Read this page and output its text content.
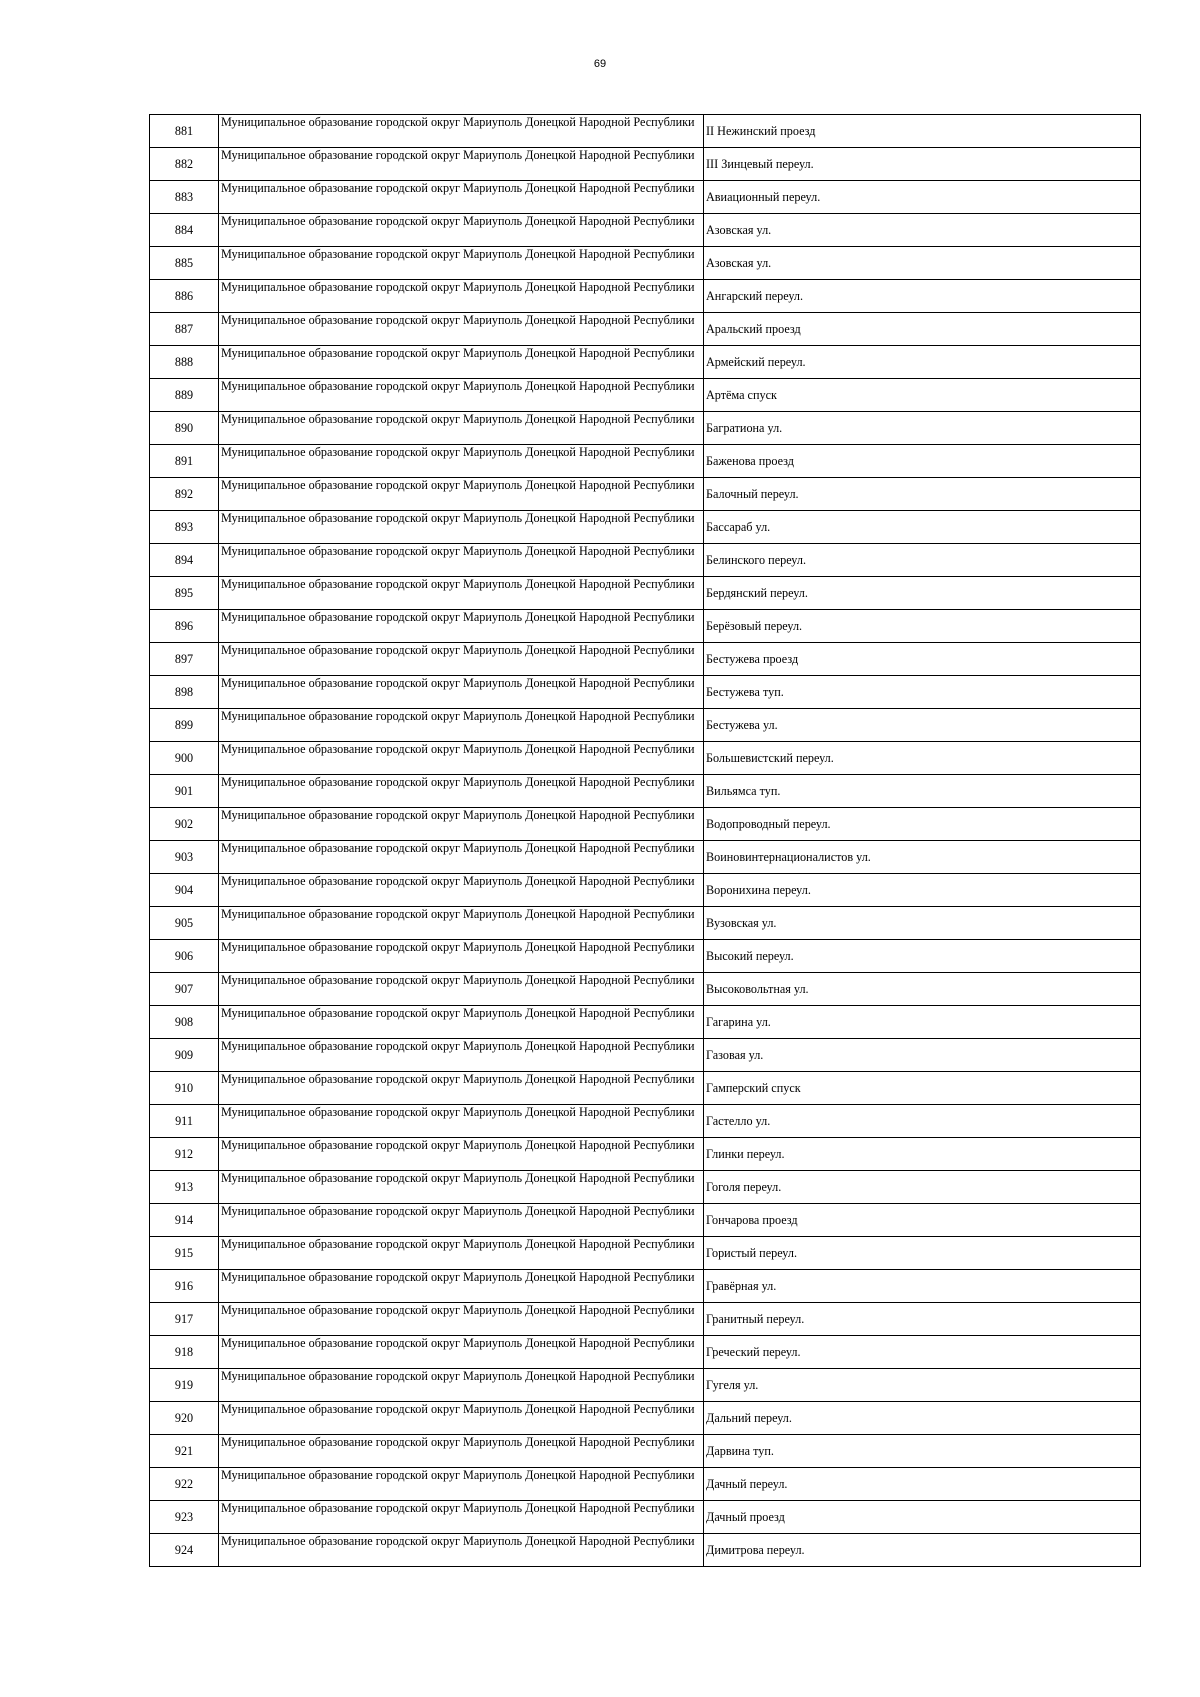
69
881	Муниципальное образование городской округ Мариуполь Донецкой Народной Республики	II Нежинский проезд
882	Муниципальное образование городской округ Мариуполь Донецкой Народной Республики	III Зинцевый переул.
883	Муниципальное образование городской округ Мариуполь Донецкой Народной Республики	Авиационный переул.
884	Муниципальное образование городской округ Мариуполь Донецкой Народной Республики	Азовская ул.
885	Муниципальное образование городской округ Мариуполь Донецкой Народной Республики	Азовская ул.
886	Муниципальное образование городской округ Мариуполь Донецкой Народной Республики	Ангарский переул.
887	Муниципальное образование городской округ Мариуполь Донецкой Народной Республики	Аральский проезд
888	Муниципальное образование городской округ Мариуполь Донецкой Народной Республики	Армейский переул.
889	Муниципальное образование городской округ Мариуполь Донецкой Народной Республики	Артёма спуск
890	Муниципальное образование городской округ Мариуполь Донецкой Народной Республики	Багратиона ул.
891	Муниципальное образование городской округ Мариуполь Донецкой Народной Республики	Баженова проезд
892	Муниципальное образование городской округ Мариуполь Донецкой Народной Республики	Балочный переул.
893	Муниципальное образование городской округ Мариуполь Донецкой Народной Республики	Бассараб ул.
894	Муниципальное образование городской округ Мариуполь Донецкой Народной Республики	Белинского переул.
895	Муниципальное образование городской округ Мариуполь Донецкой Народной Республики	Бердянский переул.
896	Муниципальное образование городской округ Мариуполь Донецкой Народной Республики	Берёзовый переул.
897	Муниципальное образование городской округ Мариуполь Донецкой Народной Республики	Бестужева проезд
898	Муниципальное образование городской округ Мариуполь Донецкой Народной Республики	Бестужева туп.
899	Муниципальное образование городской округ Мариуполь Донецкой Народной Республики	Бестужева ул.
900	Муниципальное образование городской округ Мариуполь Донецкой Народной Республики	Большевистский переул.
901	Муниципальное образование городской округ Мариуполь Донецкой Народной Республики	Вильямса туп.
902	Муниципальное образование городской округ Мариуполь Донецкой Народной Республики	Водопроводный переул.
903	Муниципальное образование городской округ Мариуполь Донецкой Народной Республики	Воиновинтернационалистов ул.
904	Муниципальное образование городской округ Мариуполь Донецкой Народной Республики	Воронихина переул.
905	Муниципальное образование городской округ Мариуполь Донецкой Народной Республики	Вузовская ул.
906	Муниципальное образование городской округ Мариуполь Донецкой Народной Республики	Высокий переул.
907	Муниципальное образование городской округ Мариуполь Донецкой Народной Республики	Высоковольтная ул.
908	Муниципальное образование городской округ Мариуполь Донецкой Народной Республики	Гагарина ул.
909	Муниципальное образование городской округ Мариуполь Донецкой Народной Республики	Газовая ул.
910	Муниципальное образование городской округ Мариуполь Донецкой Народной Республики	Гамперский спуск
911	Муниципальное образование городской округ Мариуполь Донецкой Народной Республики	Гастелло ул.
912	Муниципальное образование городской округ Мариуполь Донецкой Народной Республики	Глинки переул.
913	Муниципальное образование городской округ Мариуполь Донецкой Народной Республики	Гоголя переул.
914	Муниципальное образование городской округ Мариуполь Донецкой Народной Республики	Гончарова проезд
915	Муниципальное образование городской округ Мариуполь Донецкой Народной Республики	Гористый переул.
916	Муниципальное образование городской округ Мариуполь Донецкой Народной Республики	Гравёрная ул.
917	Муниципальное образование городской округ Мариуполь Донецкой Народной Республики	Гранитный переул.
918	Муниципальное образование городской округ Мариуполь Донецкой Народной Республики	Греческий переул.
919	Муниципальное образование городской округ Мариуполь Донецкой Народной Республики	Гугеля ул.
920	Муниципальное образование городской округ Мариуполь Донецкой Народной Республики	Дальний переул.
921	Муниципальное образование городской округ Мариуполь Донецкой Народной Республики	Дарвина туп.
922	Муниципальное образование городской округ Мариуполь Донецкой Народной Республики	Дачный переул.
923	Муниципальное образование городской округ Мариуполь Донецкой Народной Республики	Дачный проезд
924	Муниципальное образование городской округ Мариуполь Донецкой Народной Республики	Димитрова переул.
